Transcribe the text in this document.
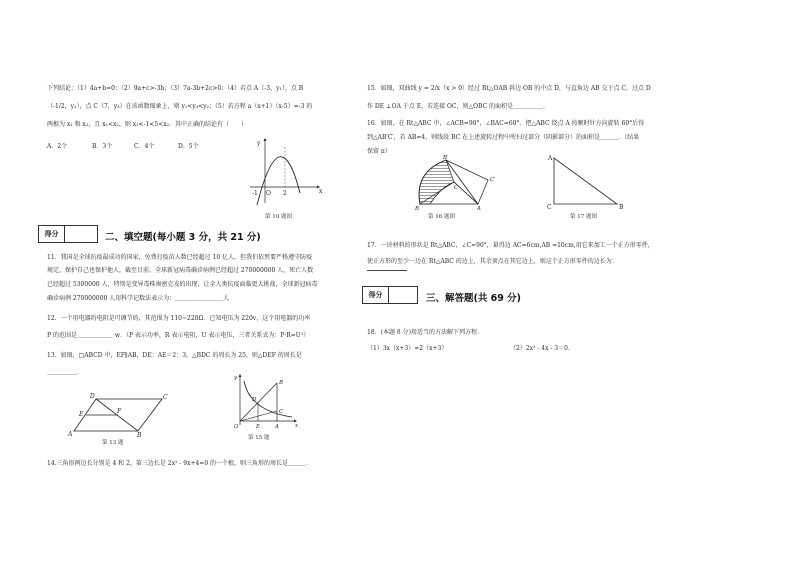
下列结论：（1）4a+b=0；（2）9a+c>-3b；（3）7a-3b+2c>0；（4）若点 A（-3，y₁），点 B
（-1/2，y₂），点 C（7，y₃）在该函数图象上，则 y₁<y₃<y₂；（5）若方程 a（x+1）（x-5）=-3 的
两根为 x₁ 和 x₂，且 x₁<x₂，则 x₁<-1<5<x₂．其中正确的结论有（　　）
A．2个	B．3个	C．4个	D．5个	y
x
O
-1	2
第 10 题图
得分	二、填空题(每小题 3 分，共 21 分)
11．我国是全球抗疫最成功的国家，免费打疫苗人数已经超过 10 亿人，但我们依然要严格遵守防疫
规定，保护自己也保护他人，截至目前，全球新冠病毒确诊病例已经超过 270000000 人，死亡人数
已经超过 5300000 人，特别是变异毒株奥密克戎的出现，让全人类抗疫面临更大挑战，全球新冠病毒
确诊病例 270000000 人用科学记数法表示为：＿＿＿＿＿＿＿＿人
12．一个用电器的电阻是可调节的，其范围为 110~220Ω．已知电压为 220v，这个用电器的功率
P 的范围是＿＿＿＿＿＿ w．（P 表示功率，R 表示电阻，U 表示电压，三者关系式为：P·R=U²）
13．如图，□ABCD 中，EF∥AB，DE：AE＝2：3，△BDC 的周长为 25，则△DEF 的周长是
＿＿＿＿＿．
D	C
E	F
A	B
第 13 题
y
x
O	E	A
D
C
B
第 15 题
14.三角形两边长分别是 4 和 2，第三边长是 2x² - 9x+4=0 的一个根，则三角形的周长是＿＿＿．
15．如图，双曲线 y = 2/x（x > 0）经过 Rt△OAB 斜边 OB 的中点 D，与直角边 AB 交于点 C，过点 D
作 DE ⊥OA 于点 E，若连接 OC，则△OBC 的面积是＿＿＿＿＿．
16．如图，在 Rt△ABC 中，∠ACB=90°，∠BAC=60°．把△ABC 绕点 A 按顺时针方向旋转 60°后得
到△AB′C′，若 AB=4，则线段 BC 在上述旋转过程中所扫过部分（阴影部分）的面积是＿＿＿．（结果
保留 π）
B′
C′
C
B	A
第 16 题图
A
C	B
第 17 题图
17．一块材料的形状是 Rt△ABC，∠C=90°，量得边 AC=6cm,AB =10cm,用它来加工一个正方形零件，
使正方形的至少一边在 Rt△ABC 的边上，其余顶点在其它边上，则这个正方形零件的边长为：
得分	三、解答题(共 69 分)
18．(本题 8 分)用适当的方法解下列方程．
（1）3x（x+3）=2（x+3）	（2）2x² - 4x - 3＝0．
